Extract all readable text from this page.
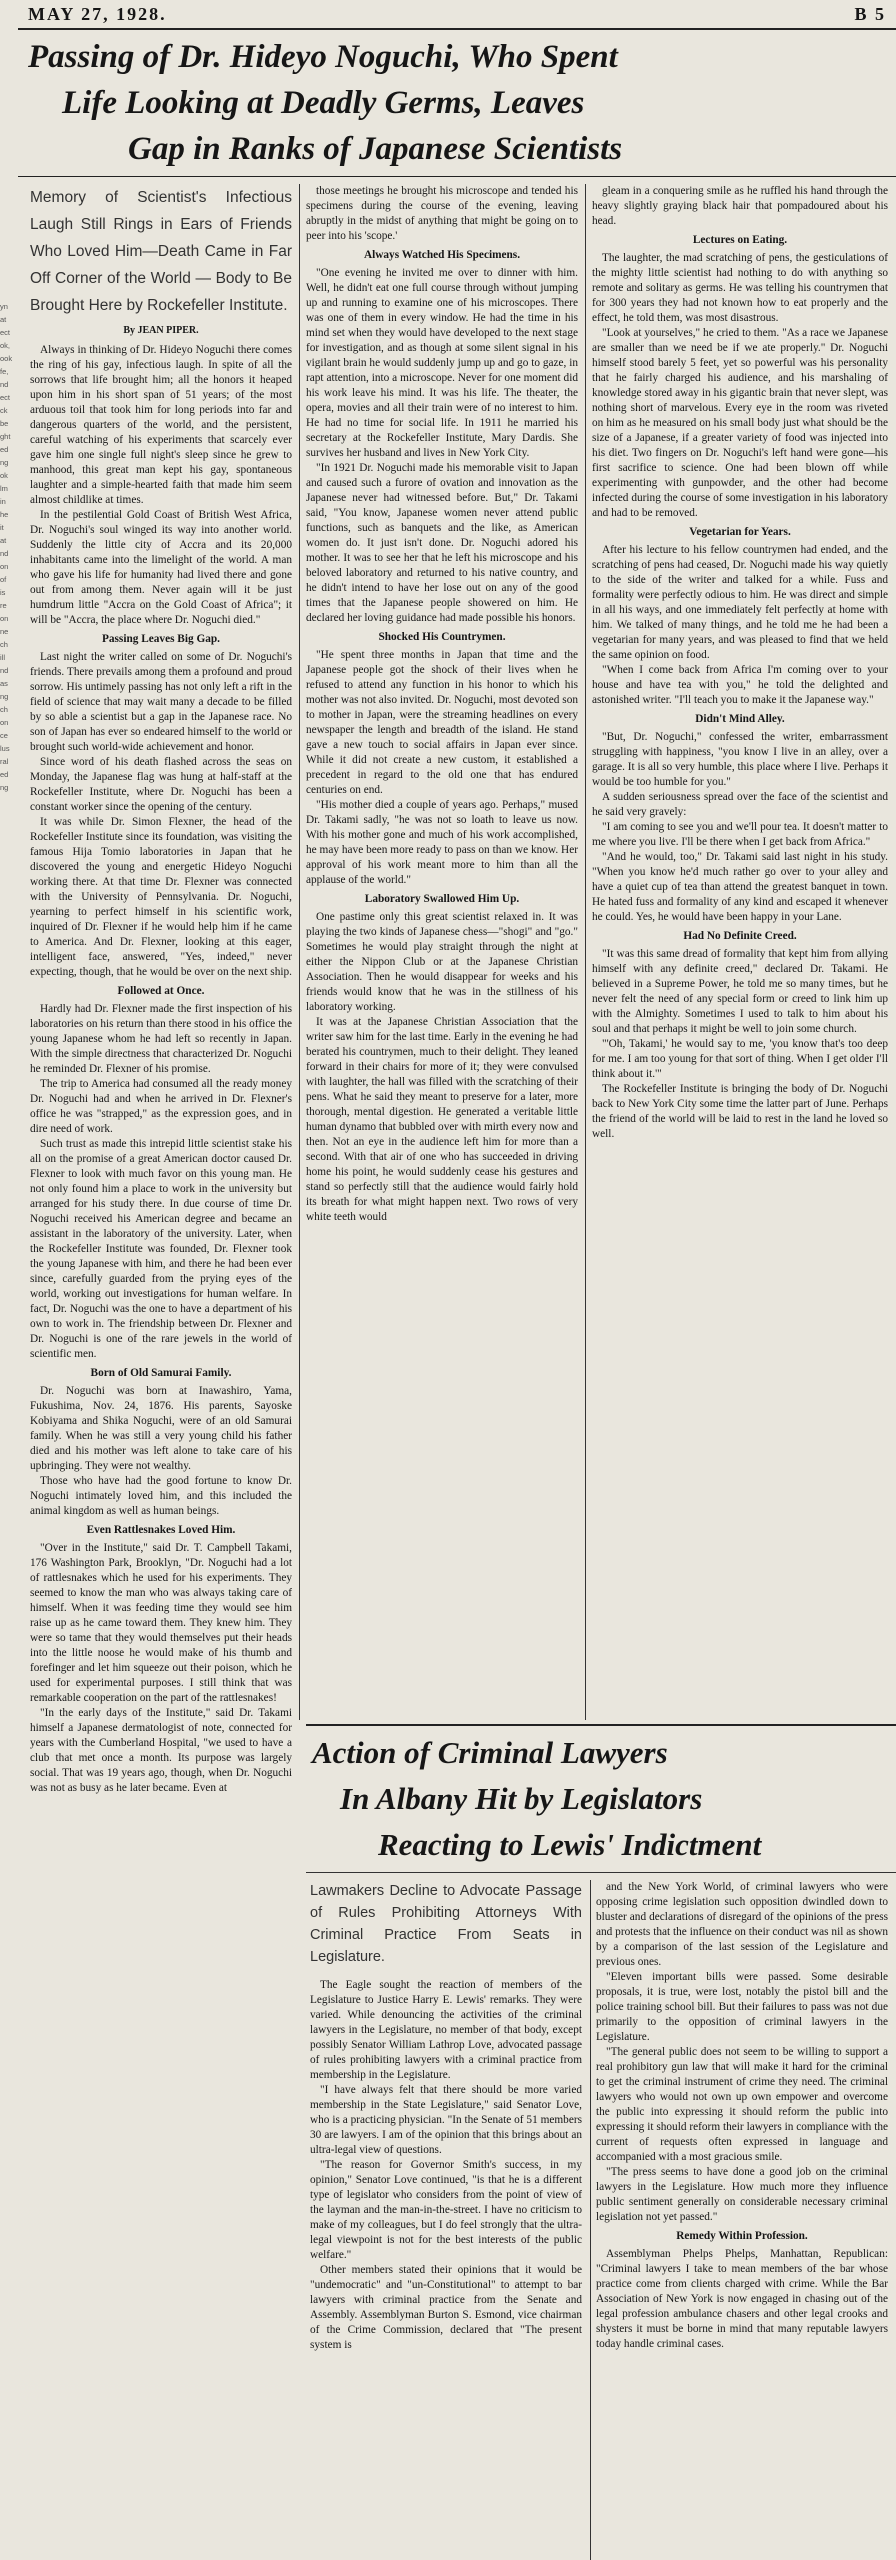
MAY 27, 1928.	B 5
yn
at
ect
ok,
ook
fe,
nd
ect
ck
be
ght
ed
ng
ok
lm
in
he
it
at
nd
on
of
is
re
on
ne
ch
ill
nd
as
ng
ch
on
ce
lus
ral
ed
ng
Passing of Dr. Hideyo Noguchi, Who Spent
Life Looking at Deadly Germs, Leaves
Gap in Ranks of Japanese Scientists
Memory of Scientist's Infectious Laugh Still Rings in Ears of Friends Who Loved Him—Death Came in Far Off Corner of the World — Body to Be Brought Here by Rockefeller Institute.
By JEAN PIPER.

Always in thinking of Dr. Hideyo Noguchi there comes the ring of his gay, infectious laugh. In spite of all the sorrows that life brought him; all the honors it heaped upon him in his short span of 51 years; of the most arduous toil that took him for long periods into far and dangerous quarters of the world, and the persistent, careful watching of his experiments that scarcely ever gave him one single full night's sleep since he grew to manhood, this great man kept his gay, spontaneous laughter and a simple-hearted faith that made him seem almost childlike at times.

In the pestilential Gold Coast of British West Africa, Dr. Noguchi's soul winged its way into another world. Suddenly the little city of Accra and its 20,000 inhabitants came into the limelight of the world. A man who gave his life for humanity had lived there and gone out from among them. Never again will it be just humdrum little "Accra on the Gold Coast of Africa"; it will be "Accra, the place where Dr. Noguchi died."

Passing Leaves Big Gap.

Last night the writer called on some of Dr. Noguchi's friends. There prevails among them a profound and proud sorrow. His untimely passing has not only left a rift in the field of science that may wait many a decade to be filled by so able a scientist but a gap in the Japanese race. No son of Japan has ever so endeared himself to the world or brought such world-wide achievement and honor.

Since word of his death flashed across the seas on Monday, the Japanese flag was hung at half-staff at the Rockefeller Institute, where Dr. Noguchi has been a constant worker since the opening of the century.

It was while Dr. Simon Flexner, the head of the Rockefeller Institute since its foundation, was visiting the famous Hija Tomio laboratories in Japan that he discovered the young and energetic Hideyo Noguchi working there. At that time Dr. Flexner was connected with the University of Pennsylvania. Dr. Noguchi, yearning to perfect himself in his scientific work, inquired of Dr. Flexner if he would help him if he came to America. And Dr. Flexner, looking at this eager, intelligent face, answered, "Yes, indeed," never expecting, though, that he would be over on the next ship.

Followed at Once.

Hardly had Dr. Flexner made the first inspection of his laboratories on his return than there stood in his office the young Japanese whom he had left so recently in Japan. With the simple directness that characterized Dr. Noguchi he reminded Dr. Flexner of his promise.

The trip to America had consumed all the ready money Dr. Noguchi had and when he arrived in Dr. Flexner's office he was "strapped," as the expression goes, and in dire need of work.

Such trust as made this intrepid little scientist stake his all on the promise of a great American doctor caused Dr. Flexner to look with much favor on this young man. He not only found him a place to work in the university but arranged for his study there. In due course of time Dr. Noguchi received his American degree and became an assistant in the laboratory of the university. Later, when the Rockefeller Institute was founded, Dr. Flexner took the young Japanese with him, and there he had been ever since, carefully guarded from the prying eyes of the world, working out investigations for human welfare. In fact, Dr. Noguchi was the one to have a department of his own to work in. The friendship between Dr. Flexner and Dr. Noguchi is one of the rare jewels in the world of scientific men.

Born of Old Samurai Family.

Dr. Noguchi was born at Inawashiro, Yama, Fukushima, Nov. 24, 1876. His parents, Sayoske Kobiyama and Shika Noguchi, were of an old Samurai family. When he was still a very young child his father died and his mother was left alone to take care of his upbringing. They were not wealthy.

Those who have had the good fortune to know Dr. Noguchi intimately loved him, and this included the animal kingdom as well as human beings.

Even Rattlesnakes Loved Him.

"Over in the Institute," said Dr. T. Campbell Takami, 176 Washington Park, Brooklyn, "Dr. Noguchi had a lot of rattlesnakes which he used for his experiments. They seemed to know the man who was always taking care of himself. When it was feeding time they would see him raise up as he came toward them. They knew him. They were so tame that they would themselves put their heads into the little noose he would make of his thumb and forefinger and let him squeeze out their poison, which he used for experimental purposes. I still think that was remarkable cooperation on the part of the rattlesnakes!

"In the early days of the Institute," said Dr. Takami himself a Japanese dermatologist of note, connected for years with the Cumberland Hospital, "we used to have a club that met once a month. Its purpose was largely social. That was 19 years ago, though, when Dr. Noguchi was not as busy as he later became. Even at

those meetings he brought his microscope and tended his specimens during the course of the evening, leaving abruptly in the midst of anything that might be going on to peer into his 'scope.'

Always Watched His Specimens.

"One evening he invited me over to dinner with him. Well, he didn't eat one full course through without jumping up and running to examine one of his microscopes. There was one of them in every window. He had the time in his mind set when they would have developed to the next stage for investigation, and as though at some silent signal in his vigilant brain he would suddenly jump up and go to gaze, in rapt attention, into a microscope. Never for one moment did his work leave his mind. It was his life. The theater, the opera, movies and all their train were of no interest to him. He had no time for social life. In 1911 he married his secretary at the Rockefeller Institute, Mary Dardis. She survives her husband and lives in New York City.

"In 1921 Dr. Noguchi made his memorable visit to Japan and caused such a furore of ovation and innovation as the Japanese never had witnessed before. But," Dr. Takami said, "You know, Japanese women never attend public functions, such as banquets and the like, as American women do. It just isn't done. Dr. Noguchi adored his mother. It was to see her that he left his microscope and his beloved laboratory and returned to his native country, and he didn't intend to have her lose out on any of the good times that the Japanese people showered on him. He declared her loving guidance had made possible his honors.

Shocked His Countrymen.

"He spent three months in Japan that time and the Japanese people got the shock of their lives when he refused to attend any function in his honor to which his mother was not also invited. Dr. Noguchi, most devoted son to mother in Japan, were the streaming headlines on every newspaper the length and breadth of the island. He stand gave a new touch to social affairs in Japan ever since. While it did not create a new custom, it established a precedent in regard to the old one that has endured centuries on end.

"His mother died a couple of years ago. Perhaps," mused Dr. Takami sadly, "he was not so loath to leave us now. With his mother gone and much of his work accomplished, he may have been more ready to pass on than we know. Her approval of his work meant more to him than all the applause of the world."

Laboratory Swallowed Him Up.

One pastime only this great scientist relaxed in. It was playing the two kinds of Japanese chess—"shogi" and "go." Sometimes he would play straight through the night at either the Nippon Club or at the Japanese Christian Association. Then he would disappear for weeks and his friends would know that he was in the stillness of his laboratory working.

It was at the Japanese Christian Association that the writer saw him for the last time. Early in the evening he had berated his countrymen, much to their delight. They leaned forward in their chairs for more of it; they were convulsed with laughter, the hall was filled with the scratching of their pens. What he said they meant to preserve for a later, more thorough, mental digestion. He generated a veritable little human dynamo that bubbled over with mirth every now and then. Not an eye in the audience left him for more than a second. With that air of one who has succeeded in driving home his point, he would suddenly cease his gestures and stand so perfectly still that the audience would fairly hold its breath for what might happen next. Two rows of very white teeth would

gleam in a conquering smile as he ruffled his hand through the heavy slightly graying black hair that pompadoured about his head.

Lectures on Eating.

The laughter, the mad scratching of pens, the gesticulations of the mighty little scientist had nothing to do with anything so remote and solitary as germs. He was telling his countrymen that for 300 years they had not known how to eat properly and the effect, he told them, was most disastrous.

"Look at yourselves," he cried to them. "As a race we Japanese are smaller than we need be if we ate properly." Dr. Noguchi himself stood barely 5 feet, yet so powerful was his personality that he fairly charged his audience, and his marshaling of knowledge stored away in his gigantic brain that never slept, was nothing short of marvelous. Every eye in the room was riveted on him as he measured on his small body just what should be the size of a Japanese, if a greater variety of food was injected into his diet. Two fingers on Dr. Noguchi's left hand were gone—his first sacrifice to science. One had been blown off while experimenting with gunpowder, and the other had become infected during the course of some investigation in his laboratory and had to be removed.

Vegetarian for Years.

After his lecture to his fellow countrymen had ended, and the scratching of pens had ceased, Dr. Noguchi made his way quietly to the side of the writer and talked for a while. Fuss and formality were perfectly odious to him. He was direct and simple in all his ways, and one immediately felt perfectly at home with him. We talked of many things, and he told me he had been a vegetarian for many years, and was pleased to find that we held the same opinion on food.

"When I come back from Africa I'm coming over to your house and have tea with you," he told the delighted and astonished writer. "I'll teach you to make it the Japanese way."

Didn't Mind Alley.

"But, Dr. Noguchi," confessed the writer, embarrassment struggling with happiness, "you know I live in an alley, over a garage. It is all so very humble, this place where I live. Perhaps it would be too humble for you."

A sudden seriousness spread over the face of the scientist and he said very gravely:

"I am coming to see you and we'll pour tea. It doesn't matter to me where you live. I'll be there when I get back from Africa."

"And he would, too," Dr. Takami said last night in his study. "When you know he'd much rather go over to your alley and have a quiet cup of tea than attend the greatest banquet in town. He hated fuss and formality of any kind and escaped it whenever he could. Yes, he would have been happy in your Lane.

Had No Definite Creed.

"It was this same dread of formality that kept him from allying himself with any definite creed," declared Dr. Takami. He believed in a Supreme Power, he told me so many times, but he never felt the need of any special form or creed to link him up with the Almighty. Sometimes I used to talk to him about his soul and that perhaps it might be well to join some church.

"'Oh, Takami,' he would say to me, 'you know that's too deep for me. I am too young for that sort of thing. When I get older I'll think about it.'"

The Rockefeller Institute is bringing the body of Dr. Noguchi back to New York City some time the latter part of June. Perhaps the friend of the world will be laid to rest in the land he loved so well.

Action of Criminal Lawyers
In Albany Hit by Legislators
Reacting to Lewis' Indictment
Lawmakers Decline to Advocate Passage of Rules Prohibiting Attorneys With Criminal Practice From Seats in Legislature.

The Eagle sought the reaction of members of the Legislature to Justice Harry E. Lewis' remarks. They were varied. While denouncing the activities of the criminal lawyers in the Legislature, no member of that body, except possibly Senator William Lathrop Love, advocated passage of rules prohibiting lawyers with a criminal practice from membership in the Legislature.

"I have always felt that there should be more varied membership in the State Legislature," said Senator Love, who is a practicing physician. "In the Senate of 51 members 30 are lawyers. I am of the opinion that this brings about an ultra-legal view of questions.

"The reason for Governor Smith's success, in my opinion," Senator Love continued, "is that he is a different type of legislator who considers from the point of view of the layman and the man-in-the-street. I have no criticism to make of my colleagues, but I do feel strongly that the ultra-legal viewpoint is not for the best interests of the public welfare."

Other members stated their opinions that it would be "undemocratic" and "un-Constitutional" to attempt to bar lawyers with criminal practice from the Senate and Assembly. Assemblyman Burton S. Esmond, vice chairman of the Crime Commission, declared that "The present system is

and the New York World, of criminal lawyers who were opposing crime legislation such opposition dwindled down to bluster and declarations of disregard of the opinions of the press and protests that the influence on their conduct was nil as shown by a comparison of the last session of the Legislature and previous ones.

"Eleven important bills were passed. Some desirable proposals, it is true, were lost, notably the pistol bill and the police training school bill. But their failures to pass was not due primarily to the opposition of criminal lawyers in the Legislature.

"The general public does not seem to be willing to support a real prohibitory gun law that will make it hard for the criminal to get the criminal instrument of crime they need. The criminal lawyers who would not own up own empower and overcome the public into expressing it should reform the public into expressing it should reform their lawyers in compliance with the current of requests often expressed in language and accompanied with a most gracious smile.

"The press seems to have done a good job on the criminal lawyers in the Legislature. How much more they influence public sentiment generally on considerable necessary criminal legislation not yet passed."

Remedy Within Profession.

Assemblyman Phelps Phelps, Manhattan, Republican: "Criminal lawyers I take to mean members of the bar whose practice come from clients charged with crime. While the Bar Association of New York is now engaged in chasing out of the legal profession ambulance chasers and other legal crooks and shysters it must be borne in mind that many reputable lawyers today handle criminal cases.
